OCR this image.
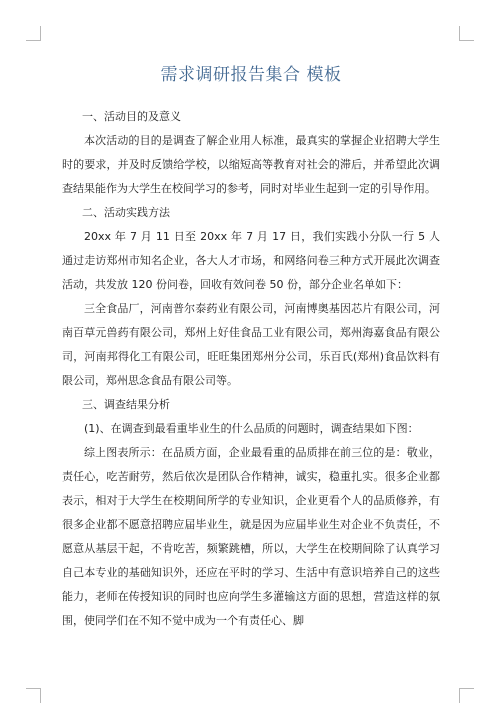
需求调研报告集合 模板

一、活动目的及意义

本次活动的目的是调查了解企业用人标准，最真实的掌握企业招聘大学生时的要求，并及时反馈给学校，以缩短高等教育对社会的滞后，并希望此次调查结果能作为大学生在校间学习的参考，同时对毕业生起到一定的引导作用。

二、活动实践方法

20xx 年 7 月 11 日至 20xx 年 7 月 17 日，我们实践小分队一行 5 人通过走访郑州市知名企业，各大人才市场，和网络问卷三种方式开展此次调查活动，共发放 120 份问卷，回收有效问卷 50 份，部分企业名单如下：

三全食品厂，河南普尔泰药业有限公司，河南博奥基因芯片有限公司，河南百草元兽药有限公司，郑州上好佳食品工业有限公司，郑州海嘉食品有限公司，河南邦得化工有限公司，旺旺集团郑州分公司，乐百氏(郑州)食品饮料有限公司，郑州思念食品有限公司等。

三、调查结果分析

(1)、在调查到最看重毕业生的什么品质的问题时，调查结果如下图：

综上图表所示：在品质方面，企业最看重的品质排在前三位的是：敬业，责任心，吃苦耐劳，然后依次是团队合作精神，诚实，稳重扎实。很多企业都表示，相对于大学生在校期间所学的专业知识，企业更看个人的品质修养，有很多企业都不愿意招聘应届毕业生，就是因为应届毕业生对企业不负责任，不愿意从基层干起，不肯吃苦，频繁跳槽，所以，大学生在校期间除了认真学习自己本专业的基础知识外，还应在平时的学习、生活中有意识培养自己的这些能力，老师在传授知识的同时也应向学生多灌输这方面的思想，营造这样的氛围，使同学们在不知不觉中成为一个有责任心、脚
